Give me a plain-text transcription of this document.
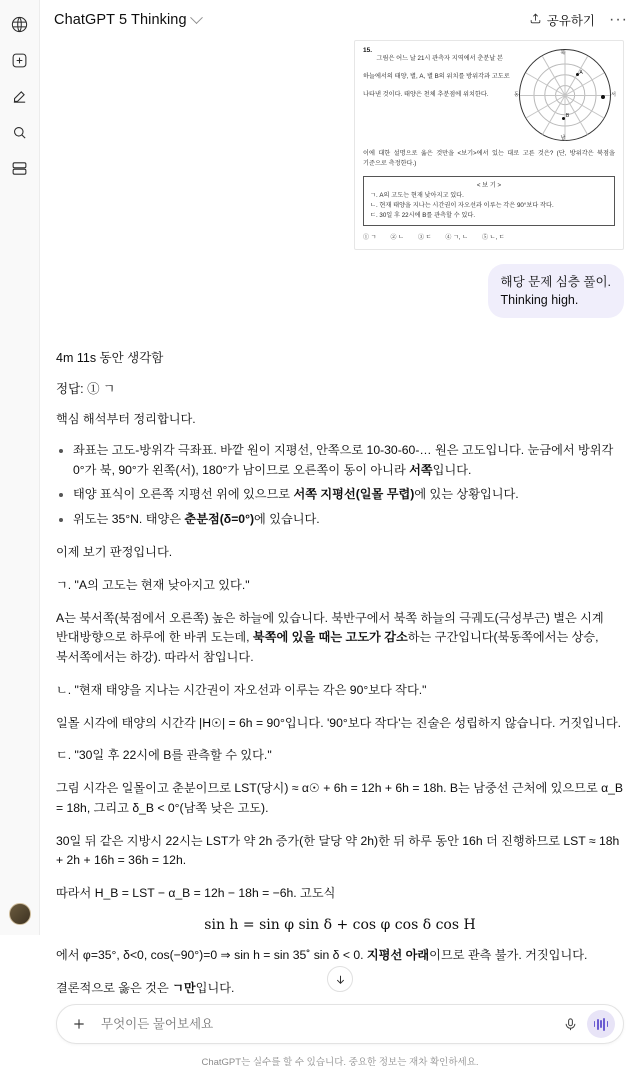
ChatGPT 5 Thinking	공유하기 ···
15. 그림은 어느 날 21시 관측자 지역에서 춘분날 본 하늘에서의 태양, 별, A, 별 B의 위치를 방위각과 고도로 나타낸 것이다. 태양은 천체 추분점에 위치한다.
북
남
서
동
A
B
이에 대한 설명으로 옳은 것만을 <보기>에서 있는 대로 고른 것은? (단, 방위각은 북점을 기준으로 측정한다.)
< 보 기 >
ㄱ. A의 고도는 현재 낮아지고 있다.
ㄴ. 현재 태양을 지나는 시간권이 자오선과 이루는 각은 90°보다 작다.
ㄷ. 30일 후 22시에 B를 관측할 수 있다.
① ㄱ ② ㄴ ③ ㄷ ④ ㄱ, ㄴ ⑤ ㄴ, ㄷ
해당 문제 심층 풀이.
Thinking high.
4m 11s 동안 생각함
정답: ① ㄱ

핵심 해석부터 정리합니다.

• 좌표는 고도-방위각 극좌표. 바깥 원이 지평선, 안쪽으로 10-30-60-… 원은 고도입니다. 눈금에서 방위각 0°가 북, 90°가 왼쪽(서), 180°가 남이므로 오른쪽이 동이 아니라 서쪽입니다.
• 태양 표식이 오른쪽 지평선 위에 있으므로 서쪽 지평선(일몰 무렵)에 있는 상황입니다.
• 위도는 35°N. 태양은 춘분점(δ=0°)에 있습니다.

이제 보기 판정입니다.

ㄱ. "A의 고도는 현재 낮아지고 있다."

A는 북서쪽(북점에서 오른쪽) 높은 하늘에 있습니다. 북반구에서 북쪽 하늘의 극궤도(극성부근) 별은 시계 반대방향으로 하루에 한 바퀴 도는데, 북쪽에 있을 때는 고도가 감소하는 구간입니다(북동쪽에서는 상승, 북서쪽에서는 하강). 따라서 참입니다.

ㄴ. "현재 태양을 지나는 시간권이 자오선과 이루는 각은 90°보다 작다."

일몰 시각에 태양의 시간각 |H☉| = 6h = 90°입니다. '90°보다 작다'는 진술은 성립하지 않습니다. 거짓입니다.

ㄷ. "30일 후 22시에 B를 관측할 수 있다."

그림 시각은 일몰이고 춘분이므로 LST(당시) ≈ α☉ + 6h = 12h + 6h = 18h. B는 남중선 근처에 있으므로 α_B = 18h, 그리고 δ_B < 0°(남쪽 낮은 고도).

30일 뒤 같은 지방시 22시는 LST가 약 2h 증가(한 달당 약 2h)한 뒤 하루 동안 16h 더 진행하므로 LST ≈ 18h + 2h + 16h = 36h = 12h.

따라서 H_B = LST − α_B = 12h − 18h = −6h. 고도식

sin h = sin φ sin δ + cos φ cos δ cos H

에서 φ=35°, δ<0, cos(−90°)=0 ⇒ sin h = sin 35˚ sin δ < 0. 지평선 아래이므로 관측 불가. 거짓입니다.

결론적으로 옳은 것은 ㄱ만입니다.

무엇이든 물어보세요
ChatGPT는 실수를 할 수 있습니다. 중요한 정보는 재차 확인하세요.
